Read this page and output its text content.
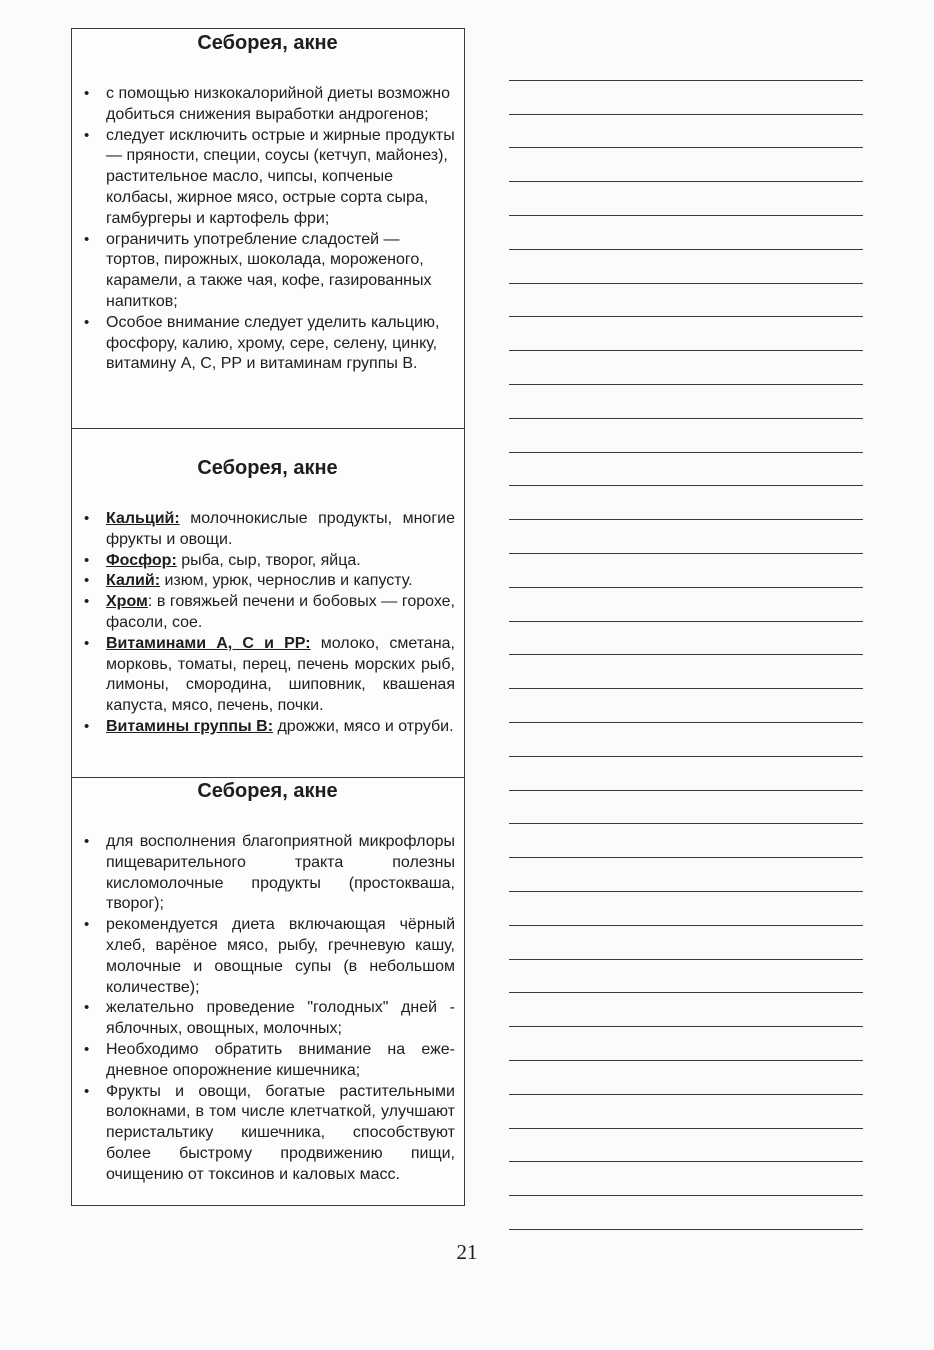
Себорея, акне
• с помощью низкокалорийной диеты возможно добиться снижения выработки андрогенов;
• следует исключить острые и жирные продукты — пряности, специи, соусы (кетчуп, майонез), растительное масло, чипсы, копченые колбасы, жирное мясо, острые сорта сыра, гамбургеры и картофель фри;
• ограничить употребление сладостей — тортов, пирожных, шоколада, мороженого, карамели, а также чая, кофе, газированных напитков;
• Особое внимание следует уделить кальцию, фосфору, калию, хрому, сере, селену, цинку, витамину А, С, РР и витаминам группы В.
Себорея, акне
• Кальций: молочнокислые продукты, многие фрукты и овощи.
• Фосфор: рыба, сыр, творог, яйца.
• Калий: изюм, урюк, чернослив и капусту.
• Хром: в говяжьей печени и бобовых — горохе, фасоли, сое.
• Витаминами А, С и РР: молоко, сметана, морковь, томаты, перец, печень морских рыб, лимоны, смородина, шиповник, квашеная капуста, мясо, печень, почки.
• Витамины группы В: дрожжи, мясо и отруби.
Себорея, акне
• для восполнения благоприятной микрофлоры пищеварительного тракта полезны кисломолочные продукты (простокваша, творог);
• рекомендуется диета включающая чёрный хлеб, варёное мясо, рыбу, гречневую кашу, молочные и овощные супы (в небольшом количестве);
• желательно проведение "голодных" дней - яблочных, овощных, молочных;
• Необходимо обратить внимание на ежедневное опорожнение кишечника;
• Фрукты и овощи, богатые растительными волокнами, в том числе клетчаткой, улучшают перистальтику кишечника, способствуют более быстрому продвижению пищи, очищению от токсинов и каловых масс.
21
